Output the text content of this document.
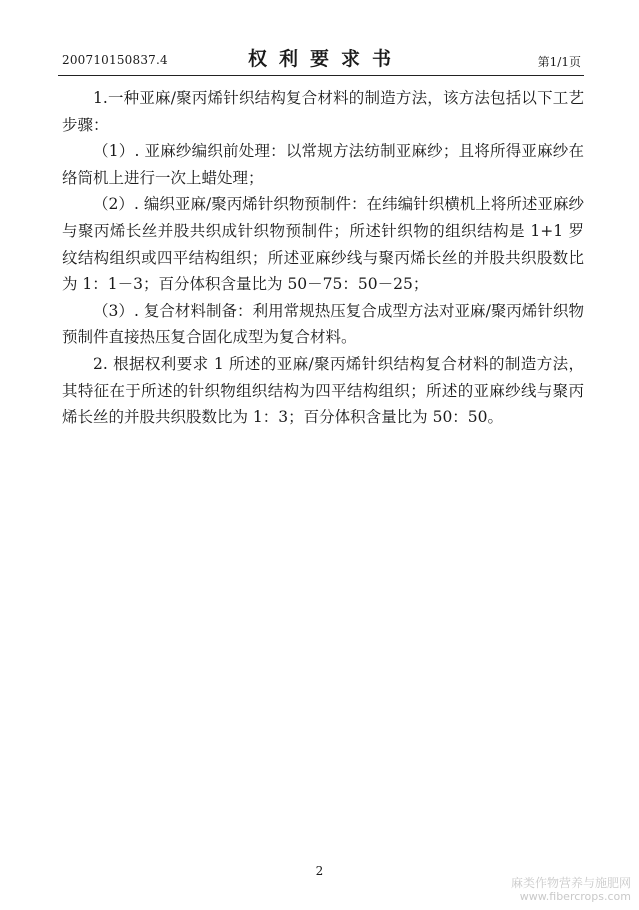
200710150837.4	权利要求书	第1/1页

1.一种亚麻/聚丙烯针织结构复合材料的制造方法，该方法包括以下工艺步骤：

（1）. 亚麻纱编织前处理：以常规方法纺制亚麻纱；且将所得亚麻纱在络筒机上进行一次上蜡处理；

（2）. 编织亚麻/聚丙烯针织物预制件：在纬编针织横机上将所述亚麻纱与聚丙烯长丝并股共织成针织物预制件；所述针织物的组织结构是 1+1 罗纹结构组织或四平结构组织；所述亚麻纱线与聚丙烯长丝的并股共织股数比为 1：1－3；百分体积含量比为 50－75：50－25；

（3）. 复合材料制备：利用常规热压复合成型方法对亚麻/聚丙烯针织物预制件直接热压复合固化成型为复合材料。

2. 根据权利要求 1 所述的亚麻/聚丙烯针织结构复合材料的制造方法，其特征在于所述的针织物组织结构为四平结构组织；所述的亚麻纱线与聚丙烯长丝的并股共织股数比为 1：3；百分体积含量比为 50：50。

2
麻类作物营养与施肥网
www.fibercrops.com
